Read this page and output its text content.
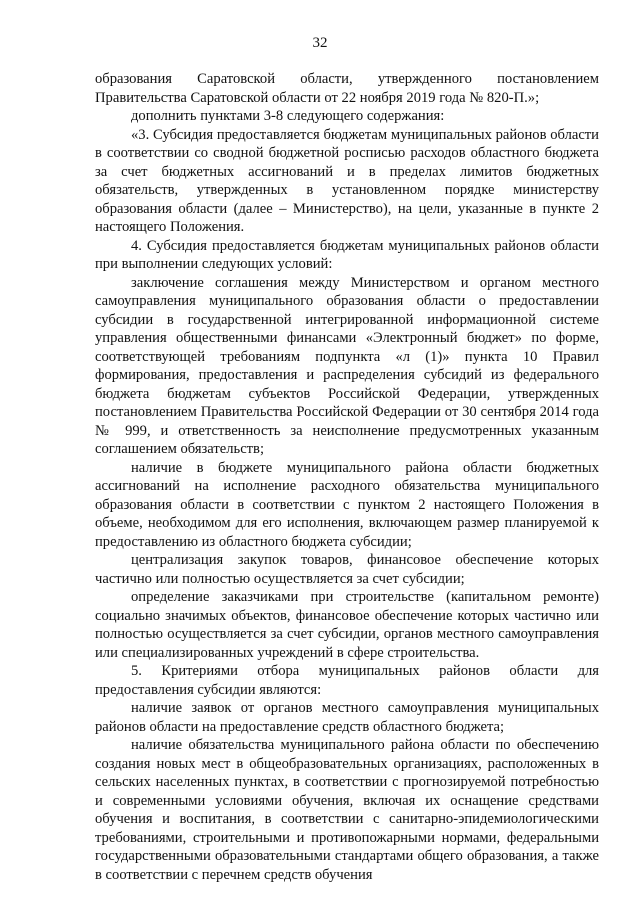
32

образования Саратовской области, утвержденного постановлением Правительства Саратовской области от 22 ноября 2019 года № 820-П.»;

дополнить пунктами 3-8 следующего содержания:

«3. Субсидия предоставляется бюджетам муниципальных районов области в соответствии со сводной бюджетной росписью расходов областного бюджета за счет бюджетных ассигнований и в пределах лимитов бюджетных обязательств, утвержденных в установленном порядке министерству образования области (далее – Министерство), на цели, указанные в пункте 2 настоящего Положения.

4. Субсидия предоставляется бюджетам муниципальных районов области при выполнении следующих условий:

заключение соглашения между Министерством и органом местного самоуправления муниципального образования области о предоставлении субсидии в государственной интегрированной информационной системе управления общественными финансами «Электронный бюджет» по форме, соответствующей требованиям подпункта «л (1)» пункта 10 Правил формирования, предоставления и распределения субсидий из федерального бюджета бюджетам субъектов Российской Федерации, утвержденных постановлением Правительства Российской Федерации от 30 сентября 2014 года № 999, и ответственность за неисполнение предусмотренных указанным соглашением обязательств;

наличие в бюджете муниципального района области бюджетных ассигнований на исполнение расходного обязательства муниципального образования области в соответствии с пунктом 2 настоящего Положения в объеме, необходимом для его исполнения, включающем размер планируемой к предоставлению из областного бюджета субсидии;

централизация закупок товаров, финансовое обеспечение которых частично или полностью осуществляется за счет субсидии;

определение заказчиками при строительстве (капитальном ремонте) социально значимых объектов, финансовое обеспечение которых частично или полностью осуществляется за счет субсидии, органов местного самоуправления или специализированных учреждений в сфере строительства.

5. Критериями отбора муниципальных районов области для предоставления субсидии являются:

наличие заявок от органов местного самоуправления муниципальных районов области на предоставление средств областного бюджета;

наличие обязательства муниципального района области по обеспечению создания новых мест в общеобразовательных организациях, расположенных в сельских населенных пунктах, в соответствии с прогнозируемой потребностью и современными условиями обучения, включая их оснащение средствами обучения и воспитания, в соответствии с санитарно-эпидемиологическими требованиями, строительными и противопожарными нормами, федеральными государственными образовательными стандартами общего образования, а также в соответствии с перечнем средств обучения
